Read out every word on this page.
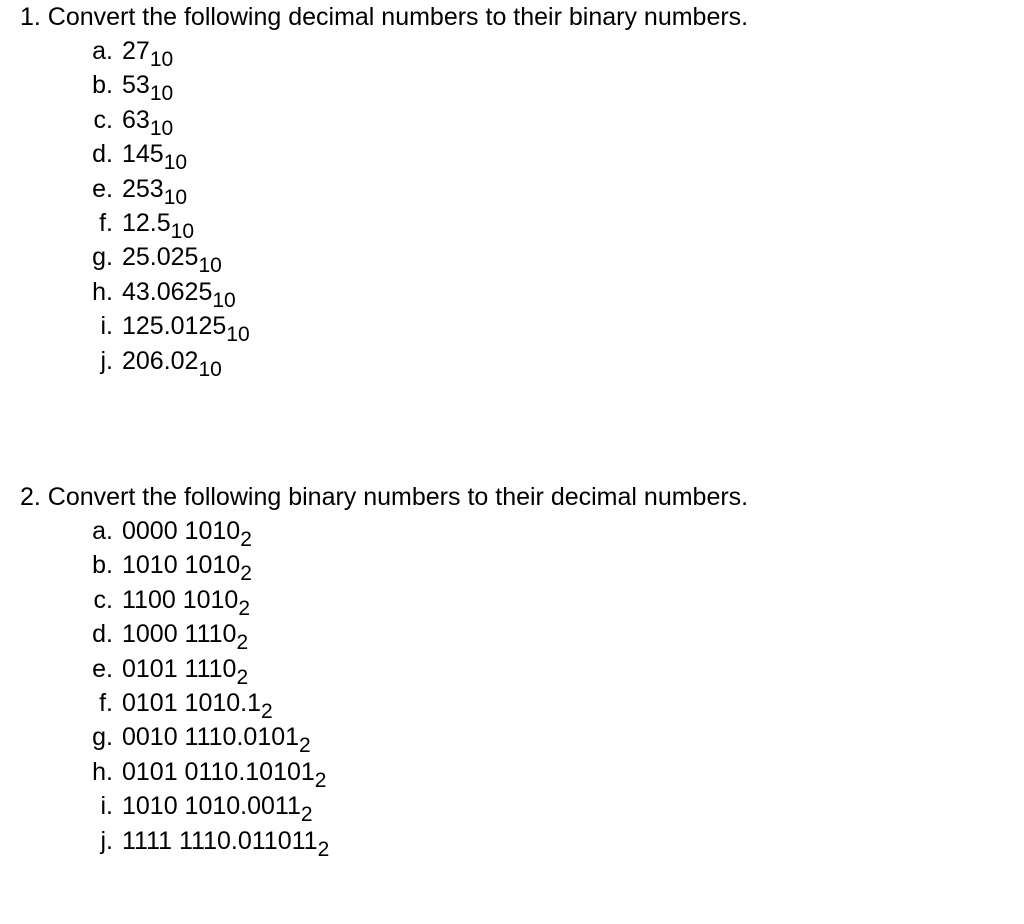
1. Convert the following decimal numbers to their binary numbers.

a. $27_{10}$
b. $53_{10}$
c. $63_{10}$
d. $145_{10}$
e. $253_{10}$
f. $12.5_{10}$
g. $25.025_{10}$
h. $43.0625_{10}$
i. $125.0125_{10}$
j. $206.02_{10}$

2. Convert the following binary numbers to their decimal numbers.

a. 0000 $1010_2$
b. 1010 $1010_2$
c. 1100 $1010_2$
d. 1000 $1110_2$
e. 0101 $1110_2$
f. 0101 $1010.1_2$
g. 0010 $1110.0101_2$
h. 0101 $0110.10101_2$
i. 1010 $1010.0011_2$
j. 1111 $1110.011011_2$
